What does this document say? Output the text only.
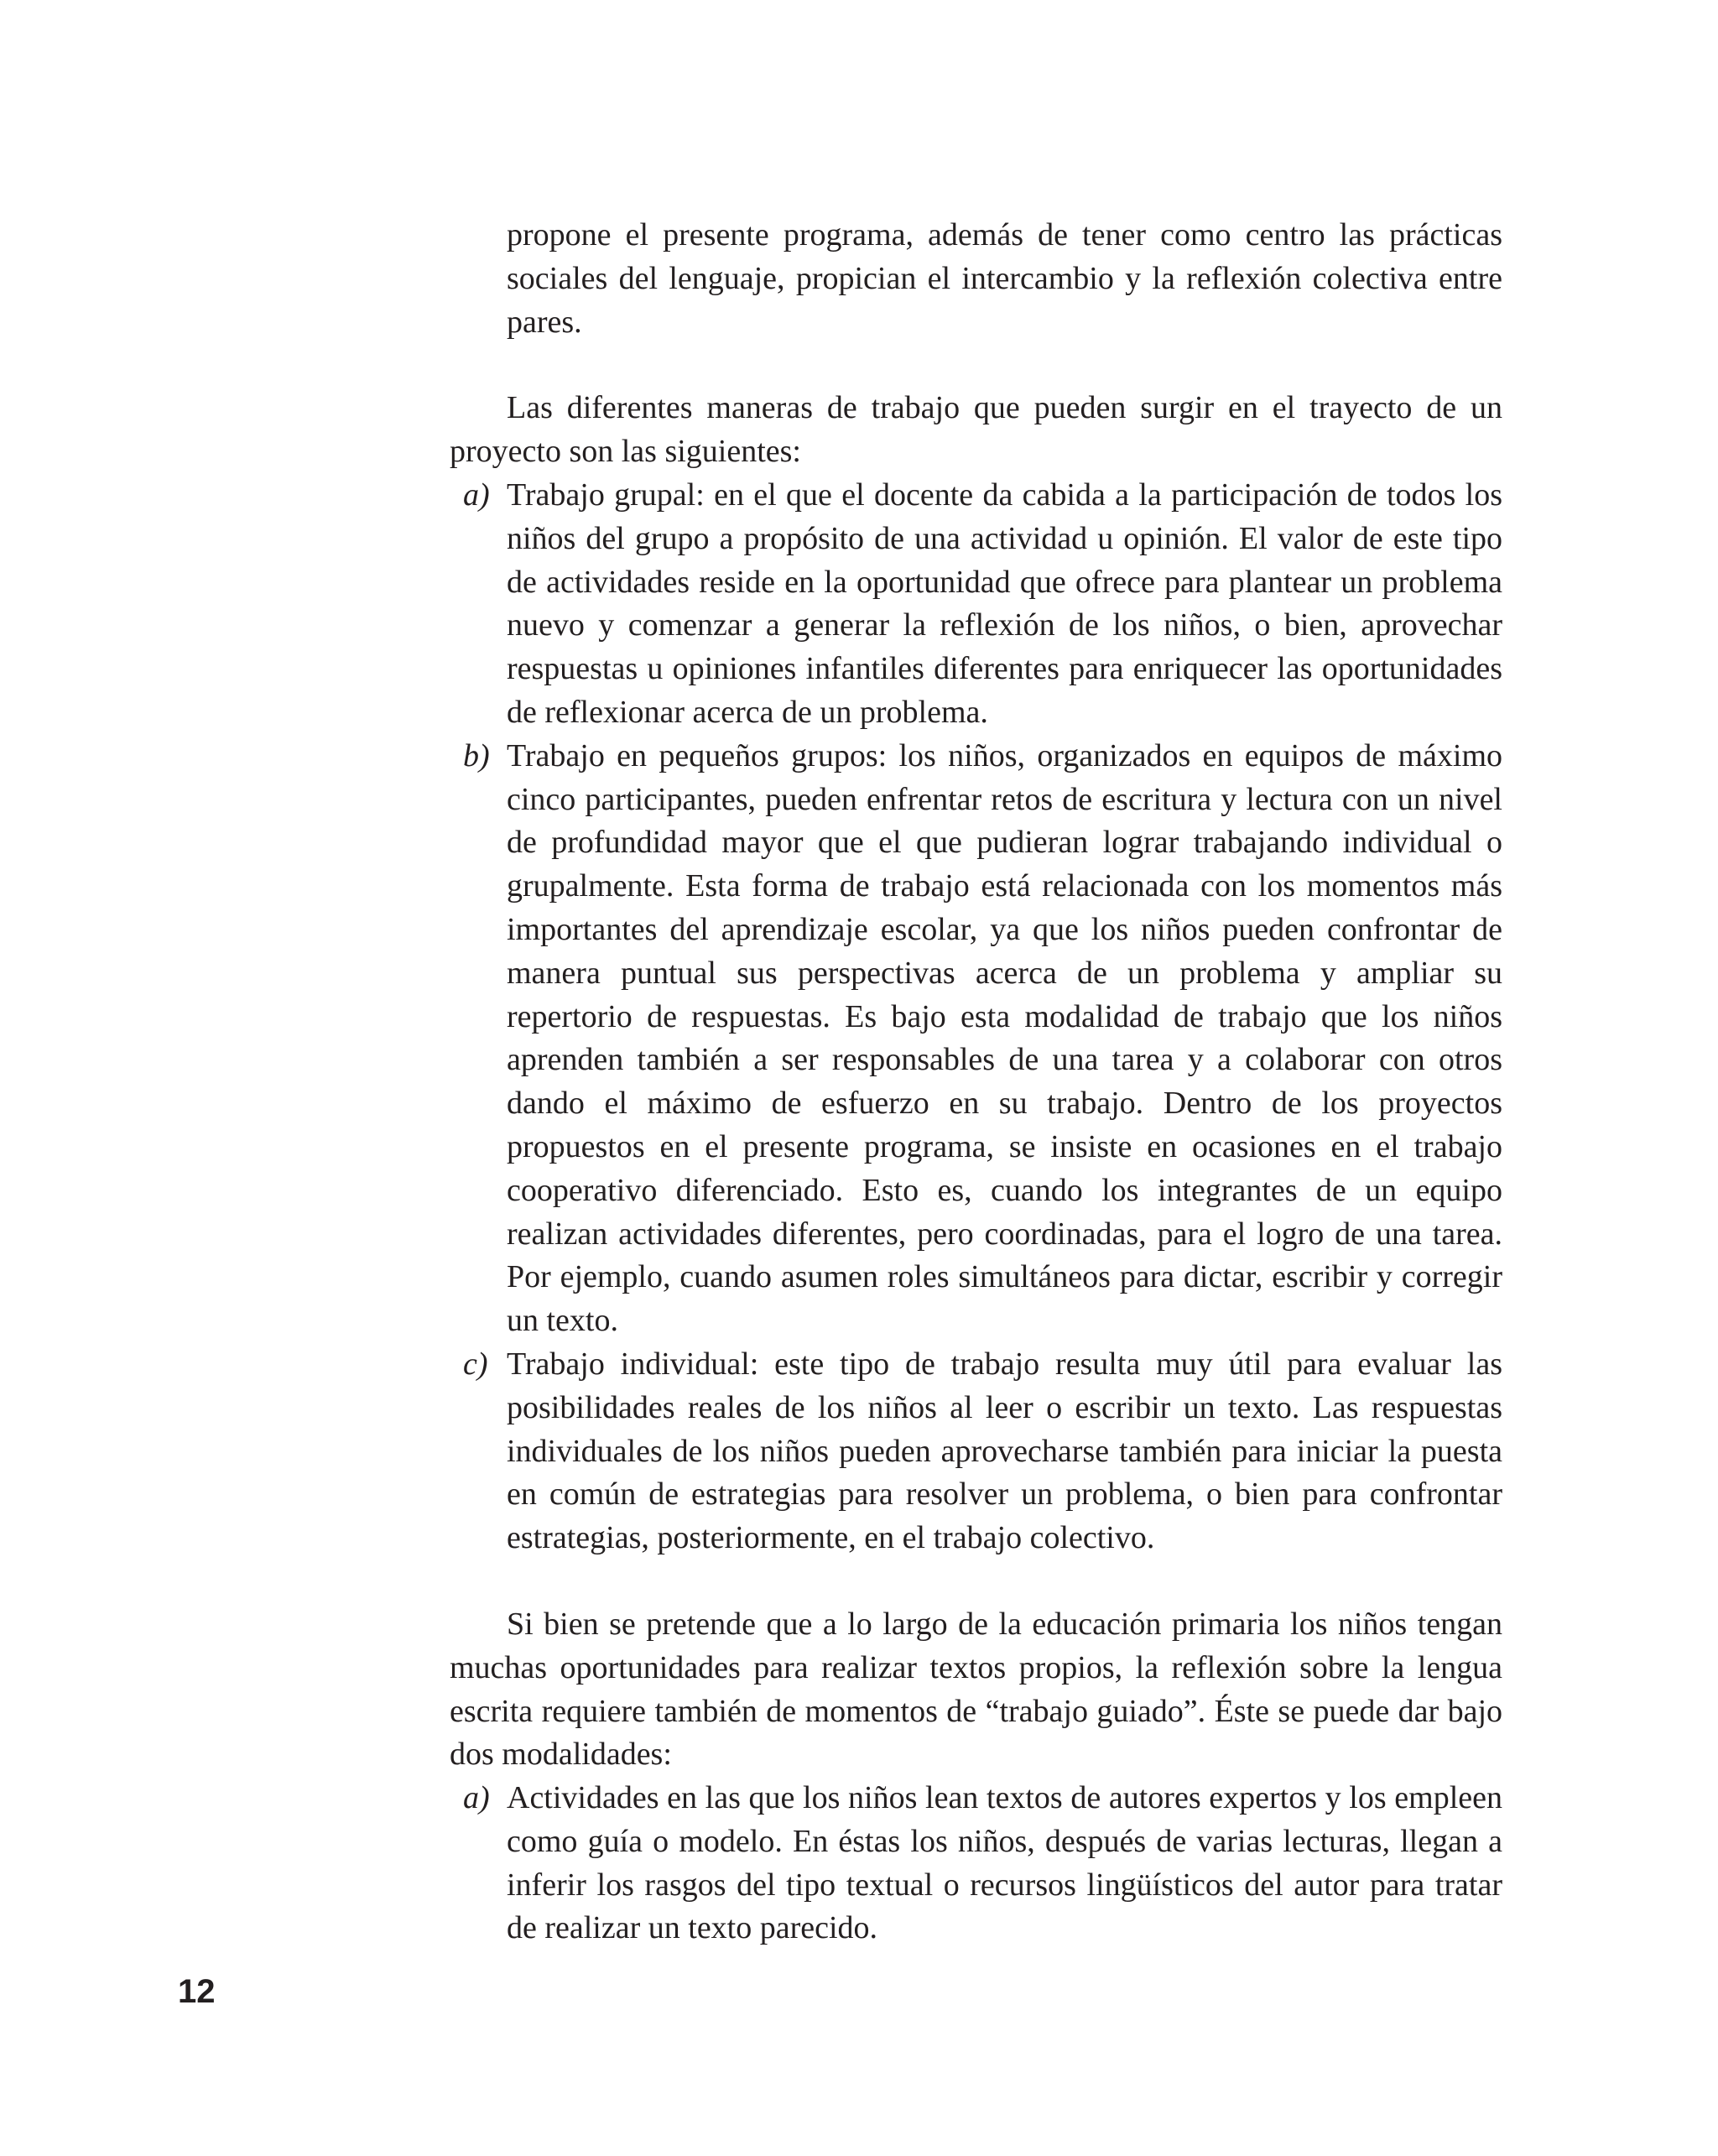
propone el presente programa, además de tener como centro las prácticas sociales del lenguaje, propician el intercambio y la reflexión colectiva entre pares.

Las diferentes maneras de trabajo que pueden surgir en el trayecto de un proyecto son las siguientes:

a) Trabajo grupal: en el que el docente da cabida a la participación de todos los niños del grupo a propósito de una actividad u opinión. El valor de este tipo de actividades reside en la oportunidad que ofrece para plantear un problema nuevo y comenzar a generar la reflexión de los niños, o bien, aprovechar respuestas u opiniones infantiles diferentes para enriquecer las oportunidades de reflexionar acerca de un problema.
b) Trabajo en pequeños grupos: los niños, organizados en equipos de máximo cinco participantes, pueden enfrentar retos de escritura y lectura con un nivel de profundidad mayor que el que pudieran lograr trabajando individual o grupalmente. Esta forma de trabajo está relacionada con los momentos más importantes del aprendizaje escolar, ya que los niños pueden confrontar de manera puntual sus perspectivas acerca de un problema y ampliar su repertorio de respuestas. Es bajo esta modalidad de trabajo que los niños aprenden también a ser responsables de una tarea y a colaborar con otros dando el máximo de esfuerzo en su trabajo. Dentro de los proyectos propuestos en el presente programa, se insiste en ocasiones en el trabajo cooperativo diferenciado. Esto es, cuando los integrantes de un equipo realizan actividades diferentes, pero coordinadas, para el logro de una tarea. Por ejemplo, cuando asumen roles simultáneos para dictar, escribir y corregir un texto.
c) Trabajo individual: este tipo de trabajo resulta muy útil para evaluar las posibilidades reales de los niños al leer o escribir un texto. Las respuestas individuales de los niños pueden aprovecharse también para iniciar la puesta en común de estrategias para resolver un problema, o bien para confrontar estrategias, posteriormente, en el trabajo colectivo.

Si bien se pretende que a lo largo de la educación primaria los niños tengan muchas oportunidades para realizar textos propios, la reflexión sobre la lengua escrita requiere también de momentos de “trabajo guiado”. Éste se puede dar bajo dos modalidades:

a) Actividades en las que los niños lean textos de autores expertos y los empleen como guía o modelo. En éstas los niños, después de varias lecturas, llegan a inferir los rasgos del tipo textual o recursos lingüísticos del autor para tratar de realizar un texto parecido.
12
